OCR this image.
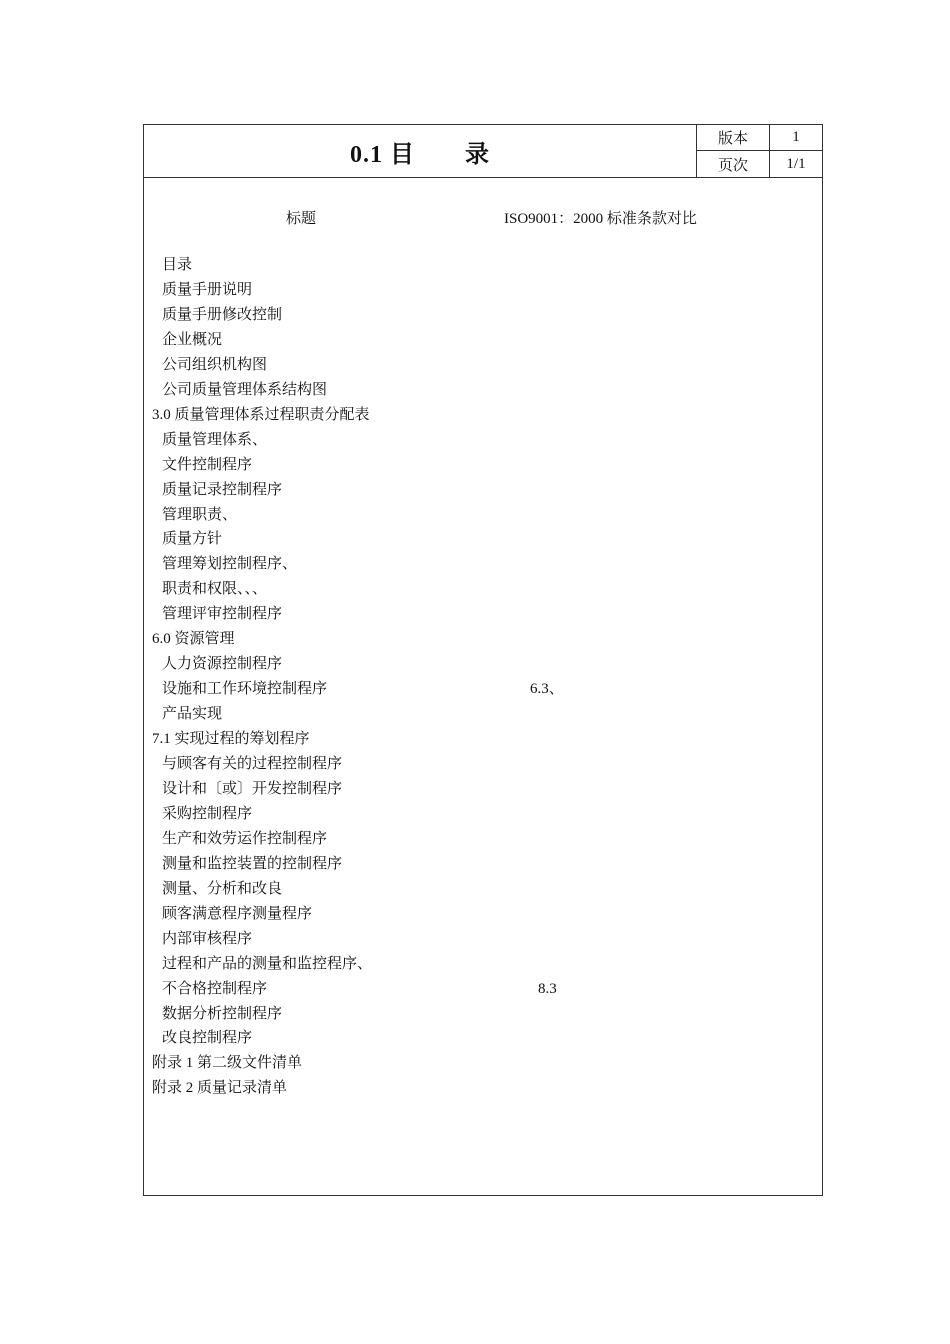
0.1 目　　录
版本	1
页次	1/1
标题	ISO9001：2000 标准条款对比
目录
质量手册说明
质量手册修改控制
企业概况
公司组织机构图
公司质量管理体系结构图
3.0 质量管理体系过程职责分配表
质量管理体系、
文件控制程序
质量记录控制程序
管理职责、
质量方针
管理筹划控制程序、
职责和权限、、、
管理评审控制程序
6.0 资源管理
人力资源控制程序
设施和工作环境控制程序	6.3、
产品实现
7.1 实现过程的筹划程序
与顾客有关的过程控制程序
设计和〔或〕开发控制程序
采购控制程序
生产和效劳运作控制程序
测量和监控装置的控制程序
测量、分析和改良
顾客满意程序测量程序
内部审核程序
过程和产品的测量和监控程序、
不合格控制程序	8.3
数据分析控制程序
改良控制程序
附录 1 第二级文件清单
附录 2 质量记录清单
